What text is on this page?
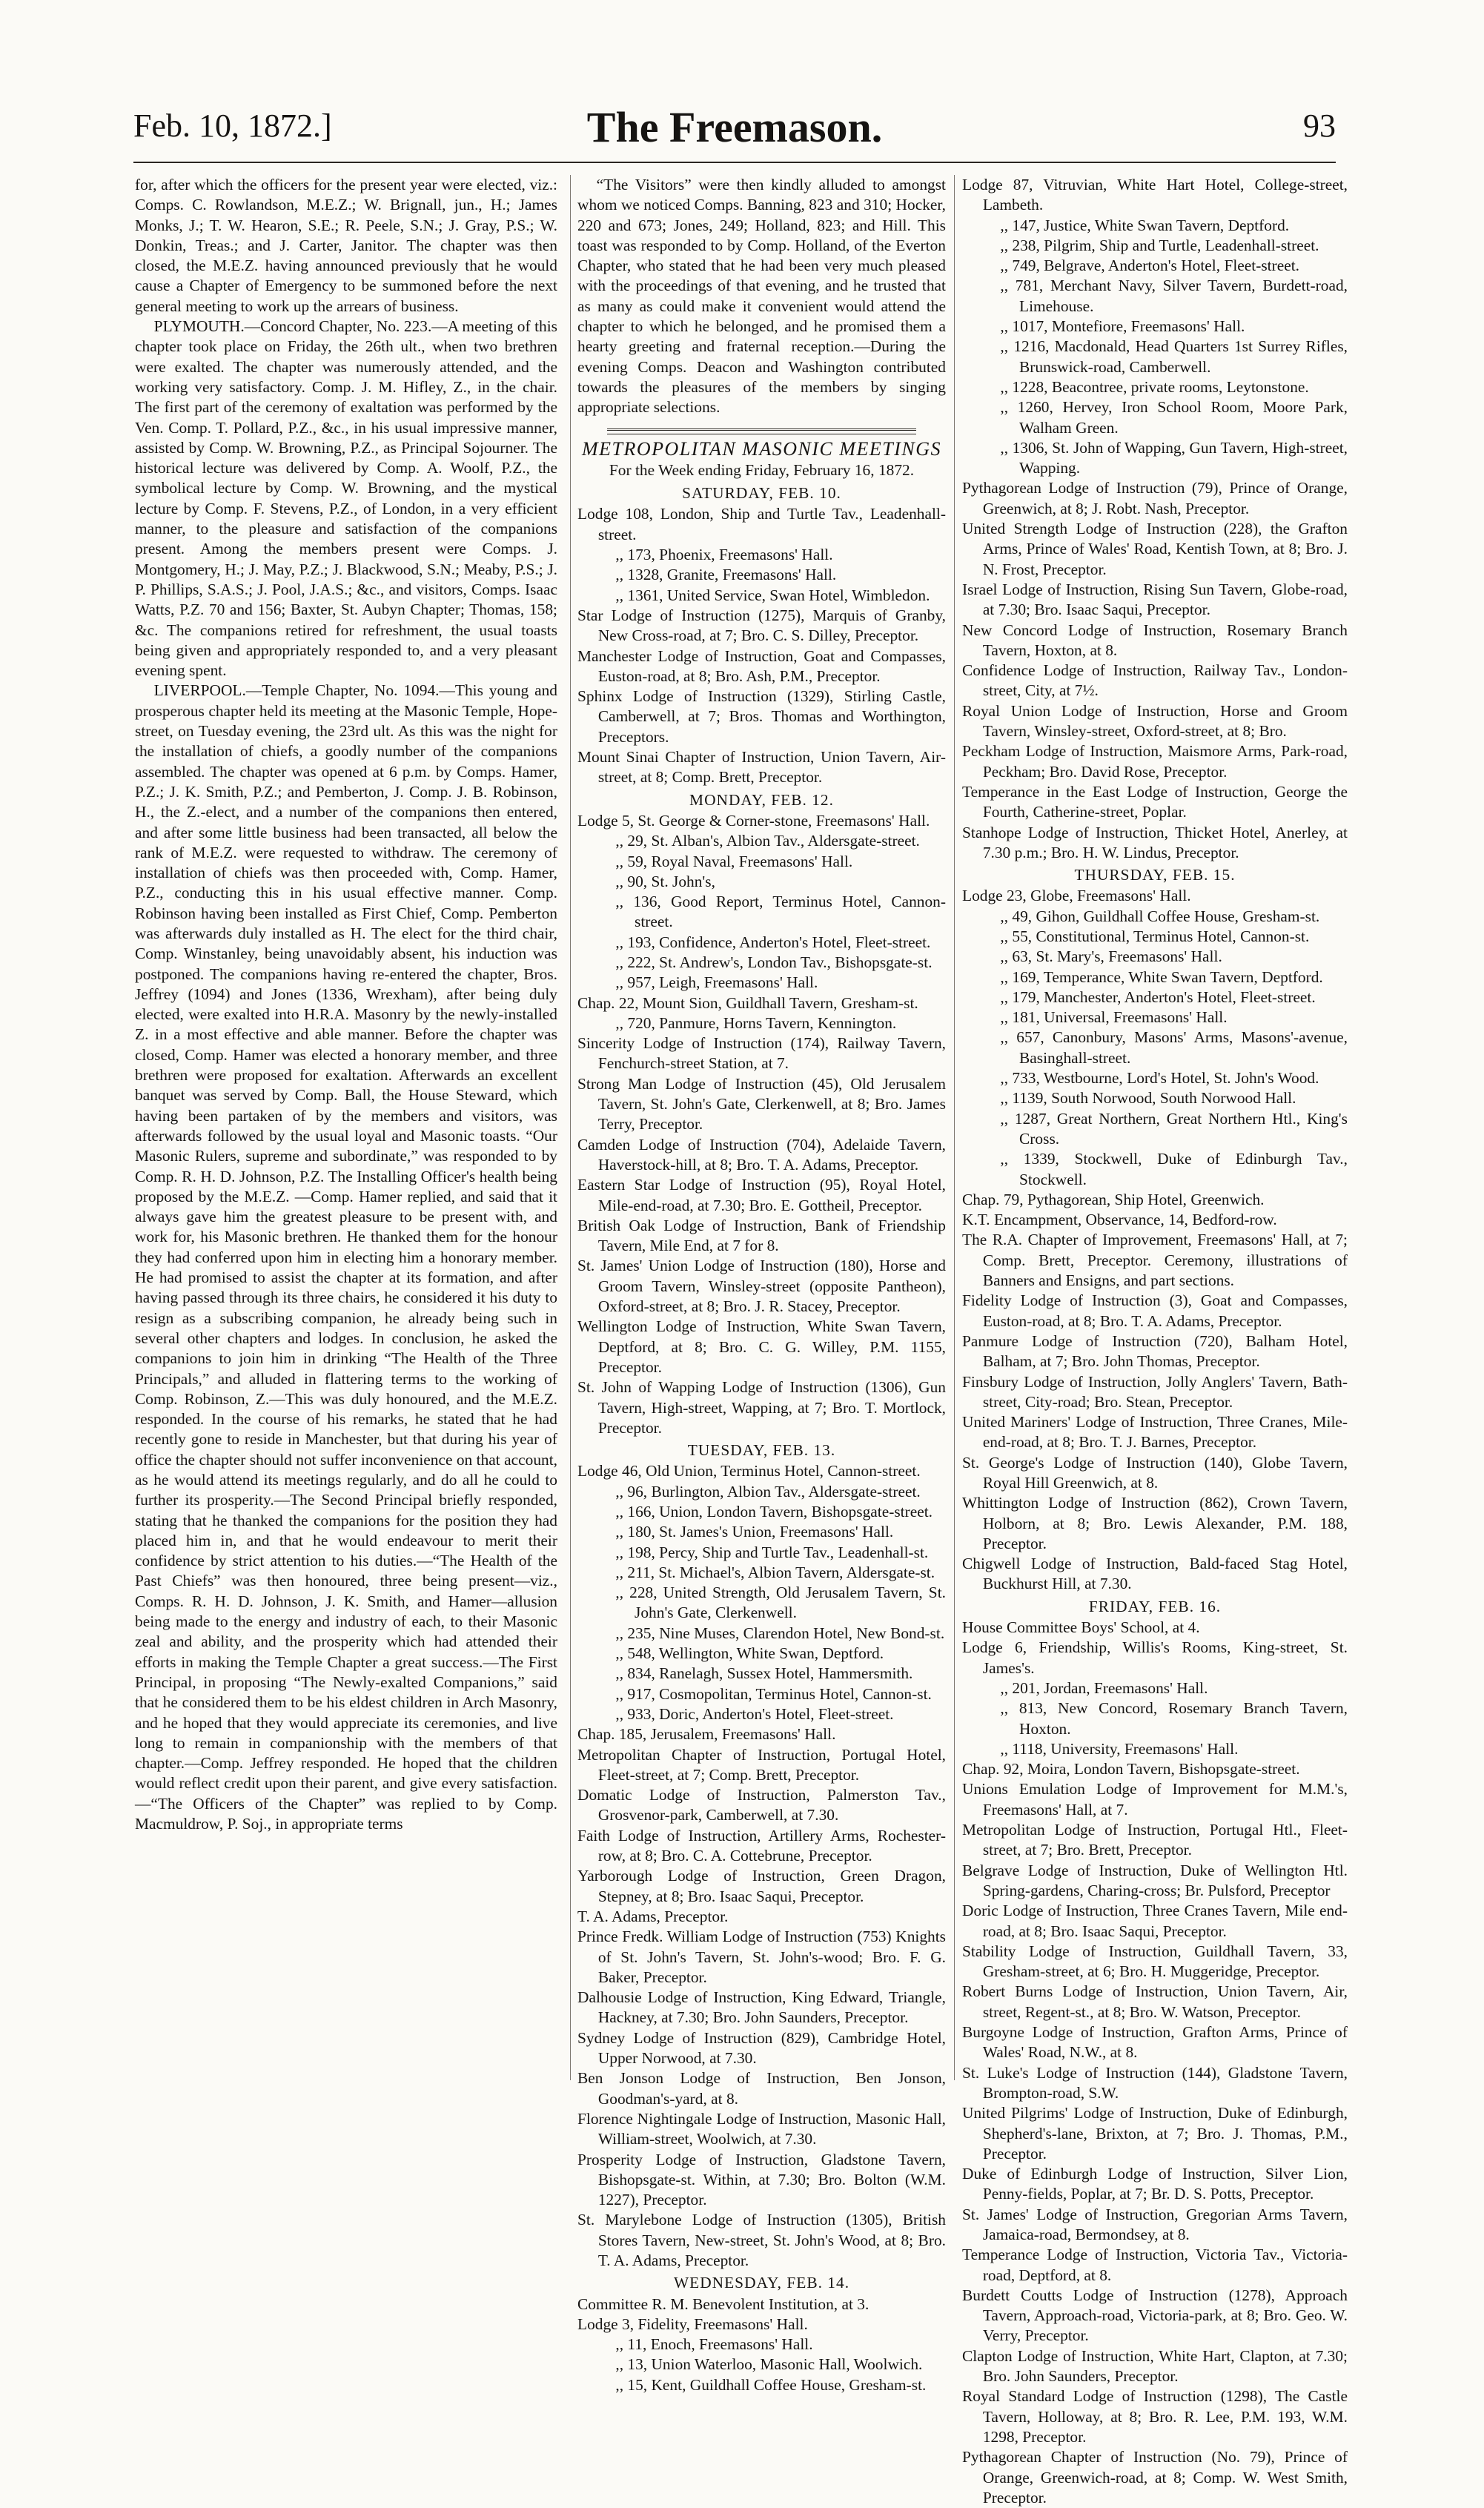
Feb. 10, 1872.]	The Freemason.	93

for, after which the officers for the present year were elected, viz.: Comps. C. Rowlandson, M.E.Z.; W. Brignall, jun., H.; James Monks, J.; T. W. Hearon, S.E.; R. Peele, S.N.; J. Gray, P.S.; W. Donkin, Treas.; and J. Carter, Janitor. The chapter was then closed, the M.E.Z. having announced previously that he would cause a Chapter of Emergency to be summoned before the next general meeting to work up the arrears of business.

PLYMOUTH.—Concord Chapter, No. 223.—A meeting of this chapter took place on Friday, the 26th ult., when two brethren were exalted. The chapter was numerously attended, and the working very satisfactory. Comp. J. M. Hifley, Z., in the chair. The first part of the ceremony of exaltation was performed by the Ven. Comp. T. Pollard, P.Z., &c., in his usual impressive manner, assisted by Comp. W. Browning, P.Z., as Principal Sojourner. The historical lecture was delivered by Comp. A. Woolf, P.Z., the symbolical lecture by Comp. W. Browning, and the mystical lecture by Comp. F. Stevens, P.Z., of London, in a very efficient manner, to the pleasure and satisfaction of the companions present. Among the members present were Comps. J. Montgomery, H.; J. May, P.Z.; J. Blackwood, S.N.; Meaby, P.S.; J. P. Phillips, S.A.S.; J. Pool, J.A.S.; &c., and visitors, Comps. Isaac Watts, P.Z. 70 and 156; Baxter, St. Aubyn Chapter; Thomas, 158; &c. The companions retired for refreshment, the usual toasts being given and appropriately responded to, and a very pleasant evening spent.

LIVERPOOL.—Temple Chapter, No. 1094.—This young and prosperous chapter held its meeting at the Masonic Temple, Hope-street, on Tuesday evening, the 23rd ult. As this was the night for the installation of chiefs, a goodly number of the companions assembled. The chapter was opened at 6 p.m. by Comps. Hamer, P.Z.; J. K. Smith, P.Z.; and Pemberton, J. Comp. J. B. Robinson, H., the Z.-elect, and a number of the companions then entered, and after some little business had been transacted, all below the rank of M.E.Z. were requested to withdraw. The ceremony of installation of chiefs was then proceeded with, Comp. Hamer, P.Z., conducting this in his usual effective manner. Comp. Robinson having been installed as First Chief, Comp. Pemberton was afterwards duly installed as H. The elect for the third chair, Comp. Winstanley, being unavoidably absent, his induction was postponed. The companions having re-entered the chapter, Bros. Jeffrey (1094) and Jones (1336, Wrexham), after being duly elected, were exalted into H.R.A. Masonry by the newly-installed Z. in a most effective and able manner. Before the chapter was closed, Comp. Hamer was elected a honorary member, and three brethren were proposed for exaltation. Afterwards an excellent banquet was served by Comp. Ball, the House Steward, which having been partaken of by the members and visitors, was afterwards followed by the usual loyal and Masonic toasts. “Our Masonic Rulers, supreme and subordinate,” was responded to by Comp. R. H. D. Johnson, P.Z. The Installing Officer's health being proposed by the M.E.Z. —Comp. Hamer replied, and said that it always gave him the greatest pleasure to be present with, and work for, his Masonic brethren. He thanked them for the honour they had conferred upon him in electing him a honorary member. He had promised to assist the chapter at its formation, and after having passed through its three chairs, he considered it his duty to resign as a subscribing companion, he already being such in several other chapters and lodges. In conclusion, he asked the companions to join him in drinking “The Health of the Three Principals,” and alluded in flattering terms to the working of Comp. Robinson, Z.—This was duly honoured, and the M.E.Z. responded. In the course of his remarks, he stated that he had recently gone to reside in Manchester, but that during his year of office the chapter should not suffer inconvenience on that account, as he would attend its meetings regularly, and do all he could to further its prosperity.—The Second Principal briefly responded, stating that he thanked the companions for the position they had placed him in, and that he would endeavour to merit their confidence by strict attention to his duties.—“The Health of the Past Chiefs” was then honoured, three being present—viz., Comps. R. H. D. Johnson, J. K. Smith, and Hamer—allusion being made to the energy and industry of each, to their Masonic zeal and ability, and the prosperity which had attended their efforts in making the Temple Chapter a great success.—The First Principal, in proposing “The Newly-exalted Companions,” said that he considered them to be his eldest children in Arch Masonry, and he hoped that they would appreciate its ceremonies, and live long to remain in companionship with the members of that chapter.—Comp. Jeffrey responded. He hoped that the children would reflect credit upon their parent, and give every satisfaction.—“The Officers of the Chapter” was replied to by Comp. Macmuldrow, P. Soj., in appropriate terms

“The Visitors” were then kindly alluded to amongst whom we noticed Comps. Banning, 823 and 310; Hocker, 220 and 673; Jones, 249; Holland, 823; and Hill. This toast was responded to by Comp. Holland, of the Everton Chapter, who stated that he had been very much pleased with the proceedings of that evening, and he trusted that as many as could make it convenient would attend the chapter to which he belonged, and he promised them a hearty greeting and fraternal reception.—During the evening Comps. Deacon and Washington contributed towards the pleasures of the members by singing appropriate selections.

METROPOLITAN MASONIC MEETINGS
For the Week ending Friday, February 16, 1872.
SATURDAY, FEB. 10.
Lodge 108, London, Ship and Turtle Tav., Leadenhall-street.
,, 173, Phoenix, Freemasons' Hall.
,, 1328, Granite, Freemasons' Hall.
,, 1361, United Service, Swan Hotel, Wimbledon.
Star Lodge of Instruction (1275), Marquis of Granby, New Cross-road, at 7; Bro. C. S. Dilley, Preceptor.
Manchester Lodge of Instruction, Goat and Compasses, Euston-road, at 8; Bro. Ash, P.M., Preceptor.
Sphinx Lodge of Instruction (1329), Stirling Castle, Camberwell, at 7; Bros. Thomas and Worthington, Preceptors.
Mount Sinai Chapter of Instruction, Union Tavern, Air-street, at 8; Comp. Brett, Preceptor.
MONDAY, FEB. 12.
Lodge 5, St. George & Corner-stone, Freemasons' Hall.
,, 29, St. Alban's, Albion Tav., Aldersgate-street.
,, 59, Royal Naval, Freemasons' Hall.
,, 90, St. John's,
,, 136, Good Report, Terminus Hotel, Cannon-street.
,, 193, Confidence, Anderton's Hotel, Fleet-street.
,, 222, St. Andrew's, London Tav., Bishopsgate-st.
,, 957, Leigh, Freemasons' Hall.
Chap. 22, Mount Sion, Guildhall Tavern, Gresham-st.
,, 720, Panmure, Horns Tavern, Kennington.
Sincerity Lodge of Instruction (174), Railway Tavern, Fenchurch-street Station, at 7.
Strong Man Lodge of Instruction (45), Old Jerusalem Tavern, St. John's Gate, Clerkenwell, at 8; Bro. James Terry, Preceptor.
Camden Lodge of Instruction (704), Adelaide Tavern, Haverstock-hill, at 8; Bro. T. A. Adams, Preceptor.
Eastern Star Lodge of Instruction (95), Royal Hotel, Mile-end-road, at 7.30; Bro. E. Gottheil, Preceptor.
British Oak Lodge of Instruction, Bank of Friendship Tavern, Mile End, at 7 for 8.
St. James' Union Lodge of Instruction (180), Horse and Groom Tavern, Winsley-street (opposite Pantheon), Oxford-street, at 8; Bro. J. R. Stacey, Preceptor.
Wellington Lodge of Instruction, White Swan Tavern, Deptford, at 8; Bro. C. G. Willey, P.M. 1155, Preceptor.
St. John of Wapping Lodge of Instruction (1306), Gun Tavern, High-street, Wapping, at 7; Bro. T. Mortlock, Preceptor.
TUESDAY, FEB. 13.
Lodge 46, Old Union, Terminus Hotel, Cannon-street.
,, 96, Burlington, Albion Tav., Aldersgate-street.
,, 166, Union, London Tavern, Bishopsgate-street.
,, 180, St. James's Union, Freemasons' Hall.
,, 198, Percy, Ship and Turtle Tav., Leadenhall-st.
,, 211, St. Michael's, Albion Tavern, Aldersgate-st.
,, 228, United Strength, Old Jerusalem Tavern, St. John's Gate, Clerkenwell.
,, 235, Nine Muses, Clarendon Hotel, New Bond-st.
,, 548, Wellington, White Swan, Deptford.
,, 834, Ranelagh, Sussex Hotel, Hammersmith.
,, 917, Cosmopolitan, Terminus Hotel, Cannon-st.
,, 933, Doric, Anderton's Hotel, Fleet-street.
Chap. 185, Jerusalem, Freemasons' Hall.
Metropolitan Chapter of Instruction, Portugal Hotel, Fleet-street, at 7; Comp. Brett, Preceptor.
Domatic Lodge of Instruction, Palmerston Tav., Grosvenor-park, Camberwell, at 7.30.
Faith Lodge of Instruction, Artillery Arms, Rochester-row, at 8; Bro. C. A. Cottebrune, Preceptor.
Yarborough Lodge of Instruction, Green Dragon, Stepney, at 8; Bro. Isaac Saqui, Preceptor.
T. A. Adams, Preceptor.
Prince Fredk. William Lodge of Instruction (753) Knights of St. John's Tavern, St. John's-wood; Bro. F. G. Baker, Preceptor.
Dalhousie Lodge of Instruction, King Edward, Triangle, Hackney, at 7.30; Bro. John Saunders, Preceptor.
Sydney Lodge of Instruction (829), Cambridge Hotel, Upper Norwood, at 7.30.
Ben Jonson Lodge of Instruction, Ben Jonson, Goodman's-yard, at 8.
Florence Nightingale Lodge of Instruction, Masonic Hall, William-street, Woolwich, at 7.30.
Prosperity Lodge of Instruction, Gladstone Tavern, Bishopsgate-st. Within, at 7.30; Bro. Bolton (W.M. 1227), Preceptor.
St. Marylebone Lodge of Instruction (1305), British Stores Tavern, New-street, St. John's Wood, at 8; Bro. T. A. Adams, Preceptor.
WEDNESDAY, FEB. 14.
Committee R. M. Benevolent Institution, at 3.
Lodge 3, Fidelity, Freemasons' Hall.
,, 11, Enoch, Freemasons' Hall.
,, 13, Union Waterloo, Masonic Hall, Woolwich.
,, 15, Kent, Guildhall Coffee House, Gresham-st.
Lodge 87, Vitruvian, White Hart Hotel, College-street, Lambeth.
,, 147, Justice, White Swan Tavern, Deptford.
,, 238, Pilgrim, Ship and Turtle, Leadenhall-street.
,, 749, Belgrave, Anderton's Hotel, Fleet-street.
,, 781, Merchant Navy, Silver Tavern, Burdett-road, Limehouse.
,, 1017, Montefiore, Freemasons' Hall.
,, 1216, Macdonald, Head Quarters 1st Surrey Rifles, Brunswick-road, Camberwell.
,, 1228, Beacontree, private rooms, Leytonstone.
,, 1260, Hervey, Iron School Room, Moore Park, Walham Green.
,, 1306, St. John of Wapping, Gun Tavern, High-street, Wapping.
Pythagorean Lodge of Instruction (79), Prince of Orange, Greenwich, at 8; J. Robt. Nash, Preceptor.
United Strength Lodge of Instruction (228), the Grafton Arms, Prince of Wales' Road, Kentish Town, at 8; Bro. J. N. Frost, Preceptor.
Israel Lodge of Instruction, Rising Sun Tavern, Globe-road, at 7.30; Bro. Isaac Saqui, Preceptor.
New Concord Lodge of Instruction, Rosemary Branch Tavern, Hoxton, at 8.
Confidence Lodge of Instruction, Railway Tav., London-street, City, at 7½.
Royal Union Lodge of Instruction, Horse and Groom Tavern, Winsley-street, Oxford-street, at 8; Bro.
Peckham Lodge of Instruction, Maismore Arms, Park-road, Peckham; Bro. David Rose, Preceptor.
Temperance in the East Lodge of Instruction, George the Fourth, Catherine-street, Poplar.
Stanhope Lodge of Instruction, Thicket Hotel, Anerley, at 7.30 p.m.; Bro. H. W. Lindus, Preceptor.
THURSDAY, FEB. 15.
Lodge 23, Globe, Freemasons' Hall.
,, 49, Gihon, Guildhall Coffee House, Gresham-st.
,, 55, Constitutional, Terminus Hotel, Cannon-st.
,, 63, St. Mary's, Freemasons' Hall.
,, 169, Temperance, White Swan Tavern, Deptford.
,, 179, Manchester, Anderton's Hotel, Fleet-street.
,, 181, Universal, Freemasons' Hall.
,, 657, Canonbury, Masons' Arms, Masons'-avenue, Basinghall-street.
,, 733, Westbourne, Lord's Hotel, St. John's Wood.
,, 1139, South Norwood, South Norwood Hall.
,, 1287, Great Northern, Great Northern Htl., King's Cross.
,, 1339, Stockwell, Duke of Edinburgh Tav., Stockwell.
Chap. 79, Pythagorean, Ship Hotel, Greenwich.
K.T. Encampment, Observance, 14, Bedford-row.
The R.A. Chapter of Improvement, Freemasons' Hall, at 7; Comp. Brett, Preceptor. Ceremony, illustrations of Banners and Ensigns, and part sections.
Fidelity Lodge of Instruction (3), Goat and Compasses, Euston-road, at 8; Bro. T. A. Adams, Preceptor.
Panmure Lodge of Instruction (720), Balham Hotel, Balham, at 7; Bro. John Thomas, Preceptor.
Finsbury Lodge of Instruction, Jolly Anglers' Tavern, Bath-street, City-road; Bro. Stean, Preceptor.
United Mariners' Lodge of Instruction, Three Cranes, Mile-end-road, at 8; Bro. T. J. Barnes, Preceptor.
St. George's Lodge of Instruction (140), Globe Tavern, Royal Hill Greenwich, at 8.
Whittington Lodge of Instruction (862), Crown Tavern, Holborn, at 8; Bro. Lewis Alexander, P.M. 188, Preceptor.
Chigwell Lodge of Instruction, Bald-faced Stag Hotel, Buckhurst Hill, at 7.30.
FRIDAY, FEB. 16.
House Committee Boys' School, at 4.
Lodge 6, Friendship, Willis's Rooms, King-street, St. James's.
,, 201, Jordan, Freemasons' Hall.
,, 813, New Concord, Rosemary Branch Tavern, Hoxton.
,, 1118, University, Freemasons' Hall.
Chap. 92, Moira, London Tavern, Bishopsgate-street.
Unions Emulation Lodge of Improvement for M.M.'s, Freemasons' Hall, at 7.
Metropolitan Lodge of Instruction, Portugal Htl., Fleet-street, at 7; Bro. Brett, Preceptor.
Belgrave Lodge of Instruction, Duke of Wellington Htl. Spring-gardens, Charing-cross; Br. Pulsford, Preceptor
Doric Lodge of Instruction, Three Cranes Tavern, Mile end-road, at 8; Bro. Isaac Saqui, Preceptor.
Stability Lodge of Instruction, Guildhall Tavern, 33, Gresham-street, at 6; Bro. H. Muggeridge, Preceptor.
Robert Burns Lodge of Instruction, Union Tavern, Air, street, Regent-st., at 8; Bro. W. Watson, Preceptor.
Burgoyne Lodge of Instruction, Grafton Arms, Prince of Wales' Road, N.W., at 8.
St. Luke's Lodge of Instruction (144), Gladstone Tavern, Brompton-road, S.W.
United Pilgrims' Lodge of Instruction, Duke of Edinburgh, Shepherd's-lane, Brixton, at 7; Bro. J. Thomas, P.M., Preceptor.
Duke of Edinburgh Lodge of Instruction, Silver Lion, Penny-fields, Poplar, at 7; Br. D. S. Potts, Preceptor.
St. James' Lodge of Instruction, Gregorian Arms Tavern, Jamaica-road, Bermondsey, at 8.
Temperance Lodge of Instruction, Victoria Tav., Victoria-road, Deptford, at 8.
Burdett Coutts Lodge of Instruction (1278), Approach Tavern, Approach-road, Victoria-park, at 8; Bro. Geo. W. Verry, Preceptor.
Clapton Lodge of Instruction, White Hart, Clapton, at 7.30; Bro. John Saunders, Preceptor.
Royal Standard Lodge of Instruction (1298), The Castle Tavern, Holloway, at 8; Bro. R. Lee, P.M. 193, W.M. 1298, Preceptor.
Pythagorean Chapter of Instruction (No. 79), Prince of Orange, Greenwich-road, at 8; Comp. W. West Smith, Preceptor.
